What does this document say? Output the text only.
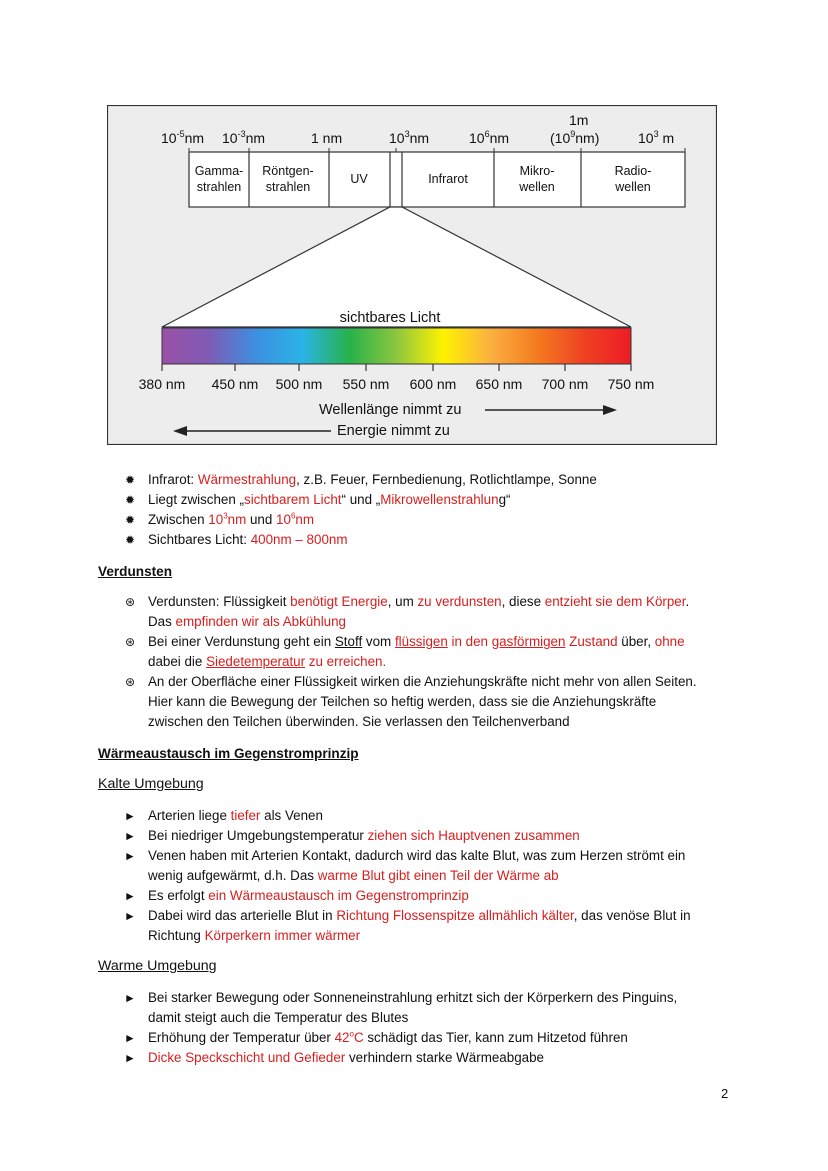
$10^{-5}nm$ $10^{-3}nm$	1 nm	$10^3nm$	$10^6nm$
1m
$(10^9nm)$	$10^3$ m
Gamma-strahlen
Röntgen-strahlen
UV	Infrarot
Mikro-wellen
Radio-wellen
sichtbares Licht
380 nm 450 nm 500 nm 550 nm 600 nm 650 nm 700 nm 750 nm
Wellenlänge nimmt zu
Energie nimmt zu
✹ Infrarot: Wärmestrahlung, z.B. Feuer, Fernbedienung, Rotlichtlampe, Sonne
✹ Liegt zwischen „sichtbarem Licht“ und „Mikrowellenstrahlung“
✹ Zwischen $10^3nm$ und $10^6nm$
✹ Sichtbares Licht: 400nm – 800nm
Verdunsten
⊛ Verdunsten: Flüssigkeit benötigt Energie, um zu verdunsten, diese entzieht sie dem Körper.
Das empfinden wir als Abkühlung
⊛ Bei einer Verdunstung geht ein Stoff vom flüssigen in den gasförmigen Zustand über, ohne
dabei die Siedetemperatur zu erreichen.
⊛ An der Oberfläche einer Flüssigkeit wirken die Anziehungskräfte nicht mehr von allen Seiten.
Hier kann die Bewegung der Teilchen so heftig werden, dass sie die Anziehungskräfte
zwischen den Teilchen überwinden. Sie verlassen den Teilchenverband
Wärmeaustausch im Gegenstromprinzip
Kalte Umgebung
► Arterien liege tiefer als Venen
► Bei niedriger Umgebungstemperatur ziehen sich Hauptvenen zusammen
► Venen haben mit Arterien Kontakt, dadurch wird das kalte Blut, was zum Herzen strömt ein
wenig aufgewärmt, d.h. Das warme Blut gibt einen Teil der Wärme ab
► Es erfolgt ein Wärmeaustausch im Gegenstromprinzip
► Dabei wird das arterielle Blut in Richtung Flossenspitze allmählich kälter, das venöse Blut in
Richtung Körperkern immer wärmer
Warme Umgebung
► Bei starker Bewegung oder Sonneneinstrahlung erhitzt sich der Körperkern des Pinguins,
damit steigt auch die Temperatur des Blutes
► Erhöhung der Temperatur über 42$^o$C schädigt das Tier, kann zum Hitzetod führen
► Dicke Speckschicht und Gefieder verhindern starke Wärmeabgabe
2
